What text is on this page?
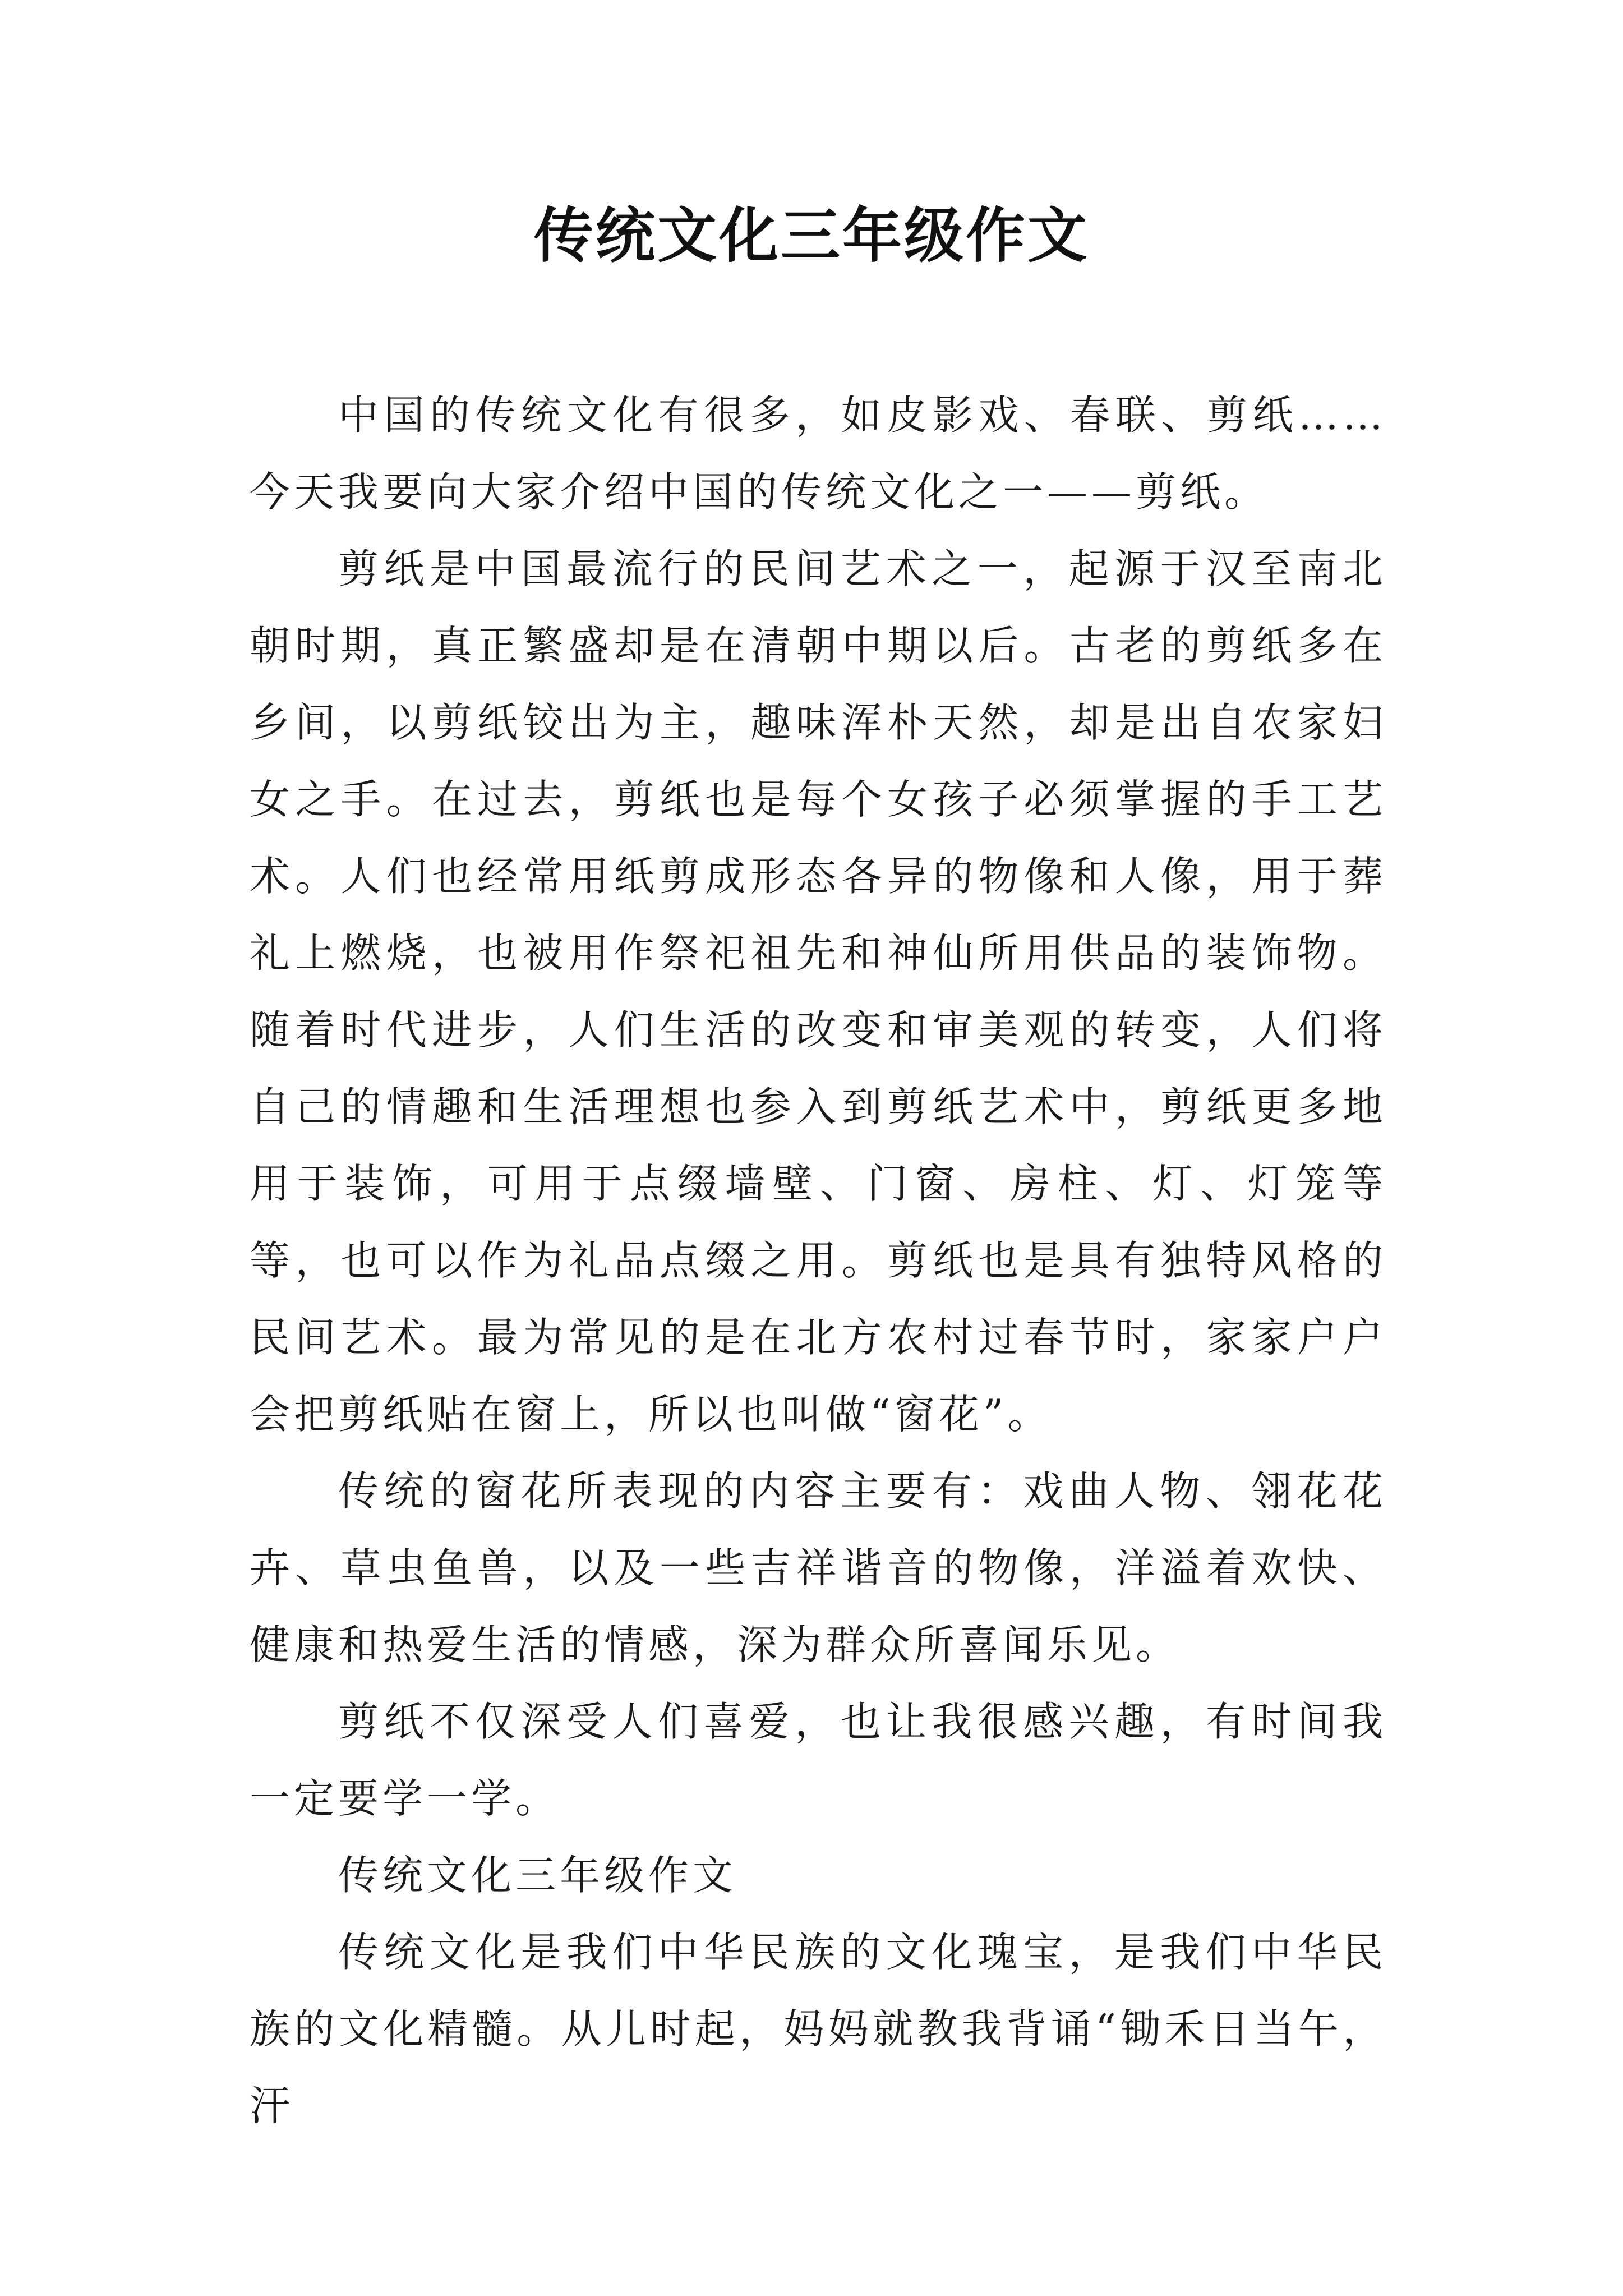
传统文化三年级作文

中国的传统文化有很多，如皮影戏、春联、剪纸……今天我要向大家介绍中国的传统文化之一——剪纸。

剪纸是中国最流行的民间艺术之一，起源于汉至南北朝时期，真正繁盛却是在清朝中期以后。古老的剪纸多在乡间，以剪纸铰出为主，趣味浑朴天然，却是出自农家妇女之手。在过去，剪纸也是每个女孩子必须掌握的手工艺术。人们也经常用纸剪成形态各异的物像和人像，用于葬礼上燃烧，也被用作祭祀祖先和神仙所用供品的装饰物。随着时代进步，人们生活的改变和审美观的转变，人们将自己的情趣和生活理想也参入到剪纸艺术中，剪纸更多地用于装饰，可用于点缀墙壁、门窗、房柱、灯、灯笼等等，也可以作为礼品点缀之用。剪纸也是具有独特风格的民间艺术。最为常见的是在北方农村过春节时，家家户户会把剪纸贴在窗上，所以也叫做“窗花”。

传统的窗花所表现的内容主要有：戏曲人物、翎花花卉、草虫鱼兽，以及一些吉祥谐音的物像，洋溢着欢快、健康和热爱生活的情感，深为群众所喜闻乐见。

剪纸不仅深受人们喜爱，也让我很感兴趣，有时间我一定要学一学。

传统文化三年级作文

传统文化是我们中华民族的文化瑰宝，是我们中华民族的文化精髓。从儿时起，妈妈就教我背诵“锄禾日当午，汗
